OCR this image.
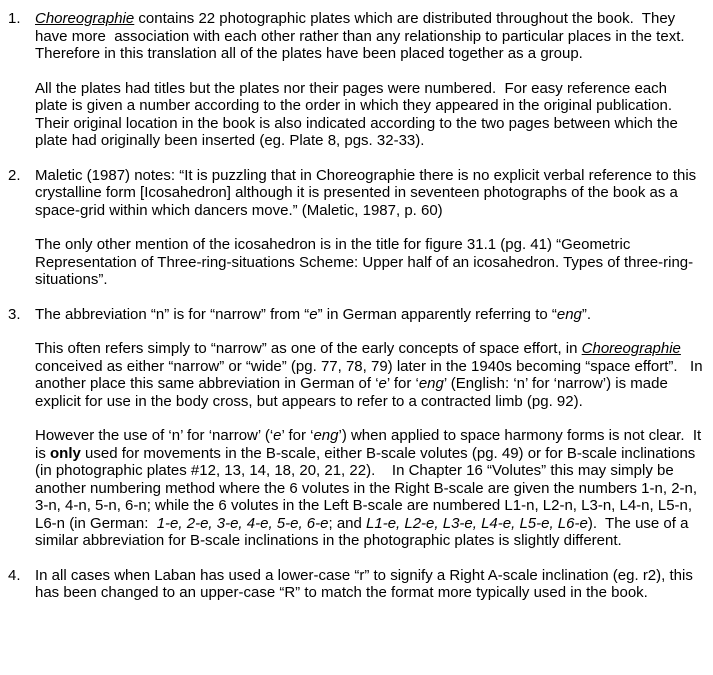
1. Choreographie contains 22 photographic plates which are distributed throughout the book.  They have more  association with each other rather than any relationship to particular places in the text.   Therefore in this translation all of the plates have been placed together as a group.

All the plates had titles but the plates nor their pages were numbered.  For easy reference each plate is given a number according to the order in which they appeared in the original publication.  Their original location in the book is also indicated according to the two pages between which the plate had originally been inserted (eg. Plate 8, pgs. 32-33).

2. Maletic (1987) notes: “It is puzzling that in Choreographie there is no explicit verbal reference to this crystalline form [Icosahedron] although it is presented in seventeen photographs of the book as a space-grid within which dancers move.” (Maletic, 1987, p. 60)

The only other mention of the icosahedron is in the title for figure 31.1 (pg. 41) “Geometric Representation of Three-ring-situations Scheme: Upper half of an icosahedron. Types of three-ring-situations”.

3. The abbreviation “n” is for “narrow” from “e” in German apparently referring to “eng”.

This often refers simply to “narrow” as one of the early concepts of space effort, in Choreographie  conceived as either “narrow” or “wide” (pg. 77, 78, 79) later in the 1940s becoming “space effort”.   In another place this same abbreviation in German of ‘e’ for ‘eng’ (English: ‘n’ for ‘narrow’) is made explicit for use in the body cross, but appears to refer to a contracted limb (pg. 92).

However the use of ‘n’ for ‘narrow’ (‘e’ for ‘eng’) when applied to space harmony forms is not clear.  It is only used for movements in the B-scale, either B-scale volutes (pg. 49) or for B-scale inclinations (in photographic plates #12, 13, 14, 18, 20, 21, 22).    In Chapter 16 “Volutes” this may simply be another numbering method where the 6 volutes in the Right B-scale are given the numbers 1-n, 2-n, 3-n, 4-n, 5-n, 6-n; while the 6 volutes in the Left B-scale are numbered L1-n, L2-n, L3-n, L4-n, L5-n, L6-n (in German:  1-e, 2-e, 3-e, 4-e, 5-e, 6-e; and L1-e, L2-e, L3-e, L4-e, L5-e, L6-e).  The use of a similar abbreviation for B-scale inclinations in the photographic plates is slightly different.

4. In all cases when Laban has used a lower-case “r” to signify a Right A-scale inclination (eg. r2), this has been changed to an upper-case “R” to match the format more typically used in the book.
